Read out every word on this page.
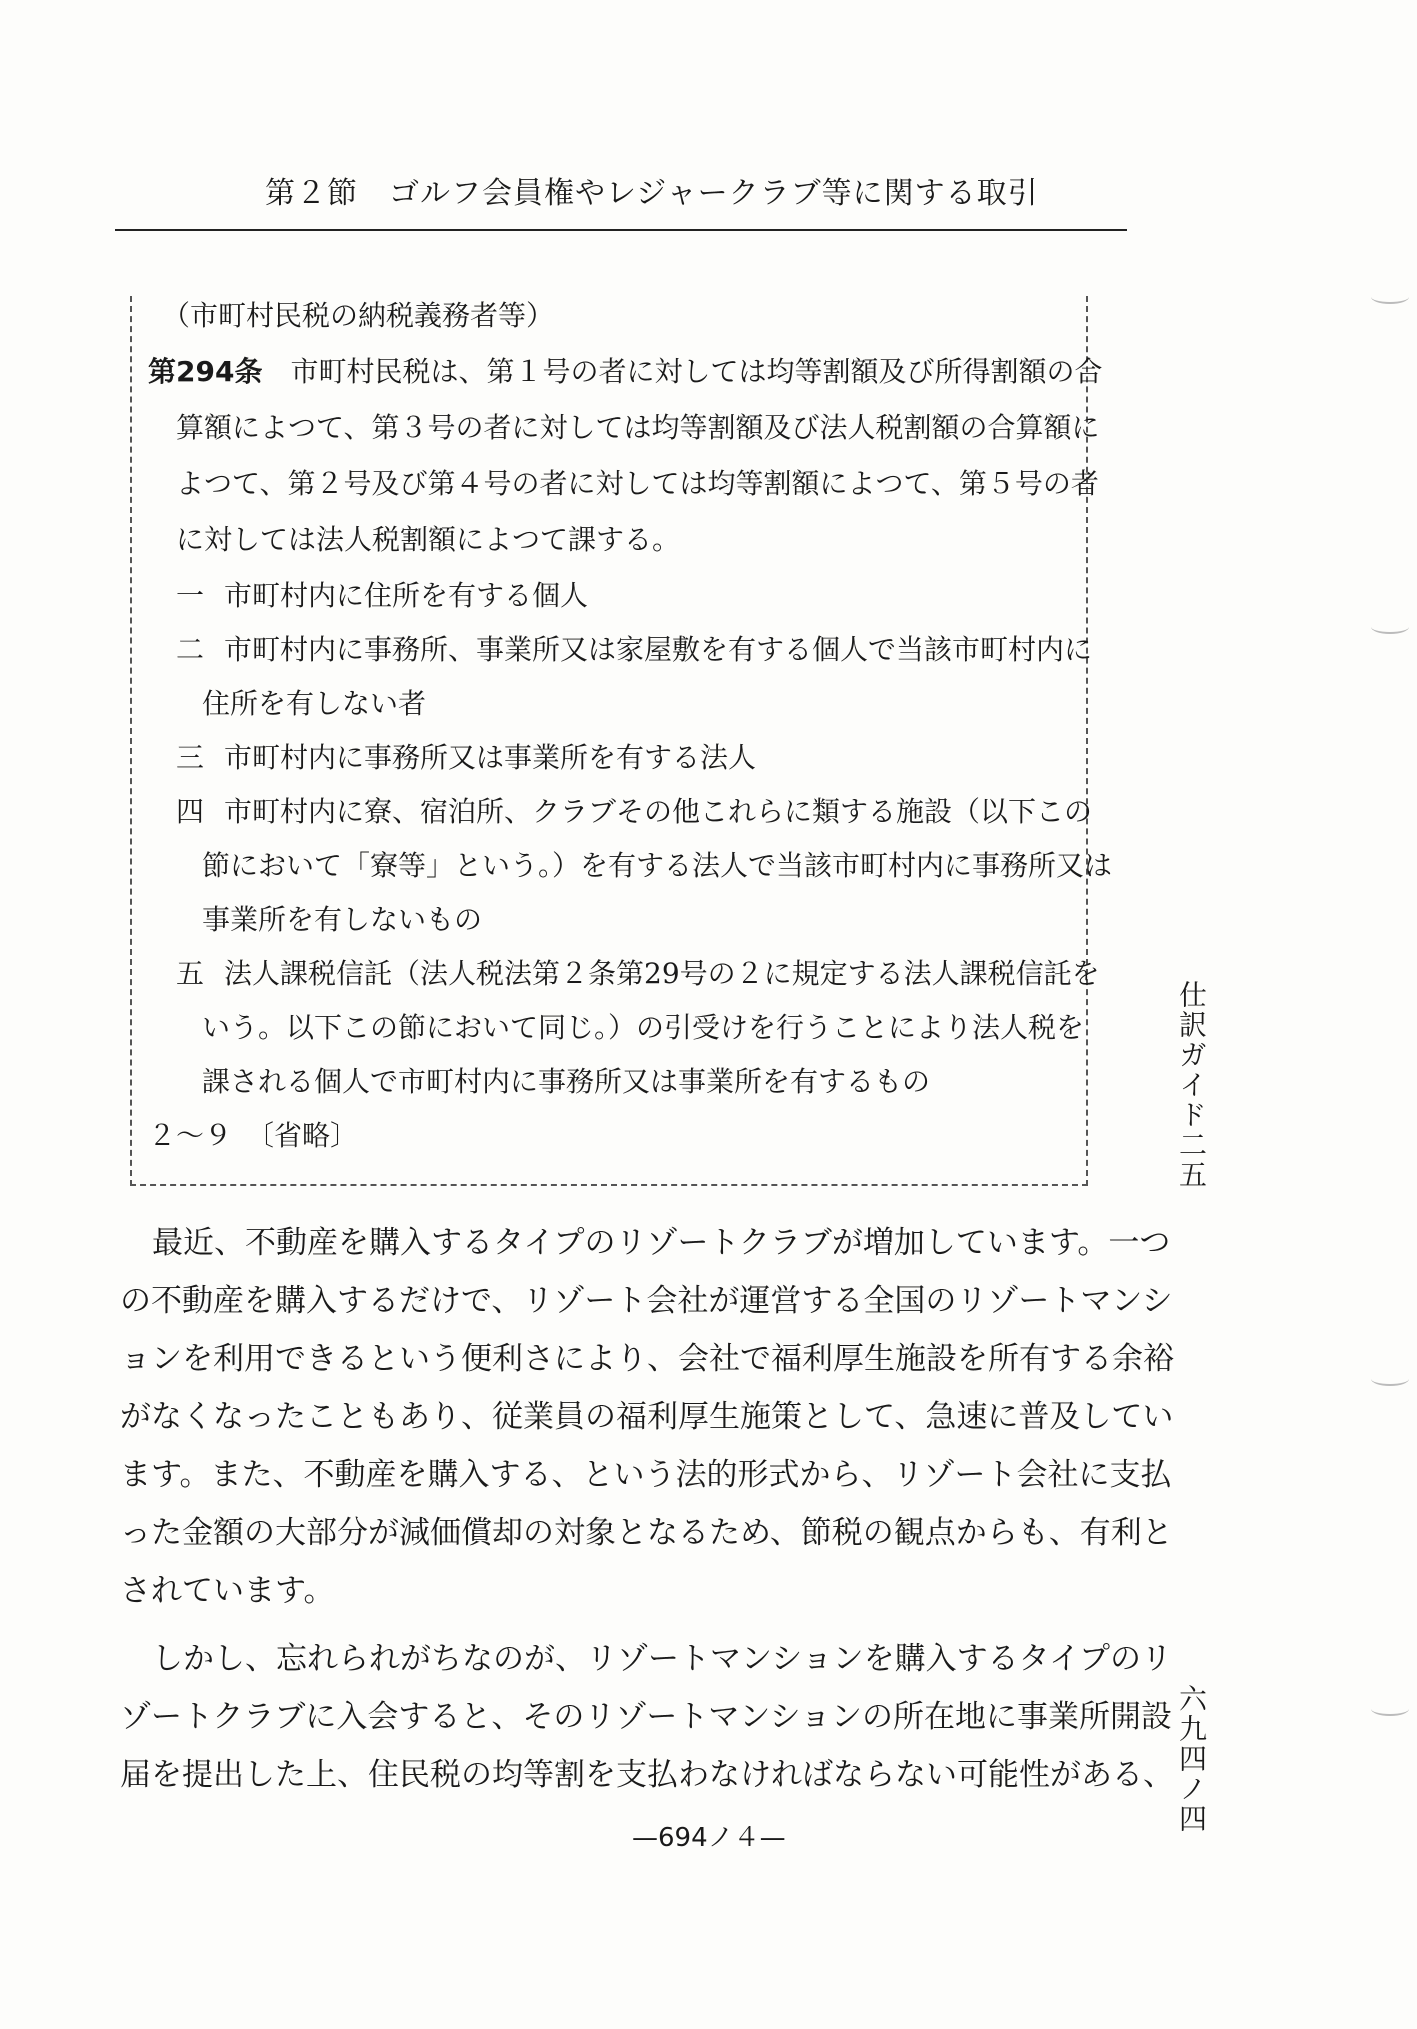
第２節　ゴルフ会員権やレジャークラブ等に関する取引
（市町村民税の納税義務者等）
第294条　 市町村民税は、第１号の者に対しては均等割額及び所得割額の合
算額によつて、第３号の者に対しては均等割額及び法人税割額の合算額に
よつて、第２号及び第４号の者に対しては均等割額によつて、第５号の者
に対しては法人税割額によつて課する。
一 市町村内に住所を有する個人
二 市町村内に事務所、事業所又は家屋敷を有する個人で当該市町村内に
住所を有しない者
三 市町村内に事務所又は事業所を有する法人
四 市町村内に寮、宿泊所、クラブその他これらに類する施設（以下この
節において「寮等」という。）を有する法人で当該市町村内に事務所又は
事業所を有しないもの
五 法人課税信託（法人税法第２条第29号の２に規定する法人課税信託を
いう。以下この節において同じ。）の引受けを行うことにより法人税を
課される個人で市町村内に事務所又は事業所を有するもの
２～９　〔省略〕
最近、不動産を購入するタイプのリゾートクラブが増加しています。一つ
の不動産を購入するだけで、リゾート会社が運営する全国のリゾートマンシ
ョンを利用できるという便利さにより、会社で福利厚生施設を所有する余裕
がなくなったこともあり、従業員の福利厚生施策として、急速に普及してい
ます。また、不動産を購入する、という法的形式から、リゾート会社に支払
った金額の大部分が減価償却の対象となるため、節税の観点からも、有利と
されています。
しかし、忘れられがちなのが、リゾートマンションを購入するタイプのリ
ゾートクラブに入会すると、そのリゾートマンションの所在地に事業所開設
届を提出した上、住民税の均等割を支払わなければならない可能性がある、
—694ノ４—
仕訳ガイド二五
六九四ノ四
